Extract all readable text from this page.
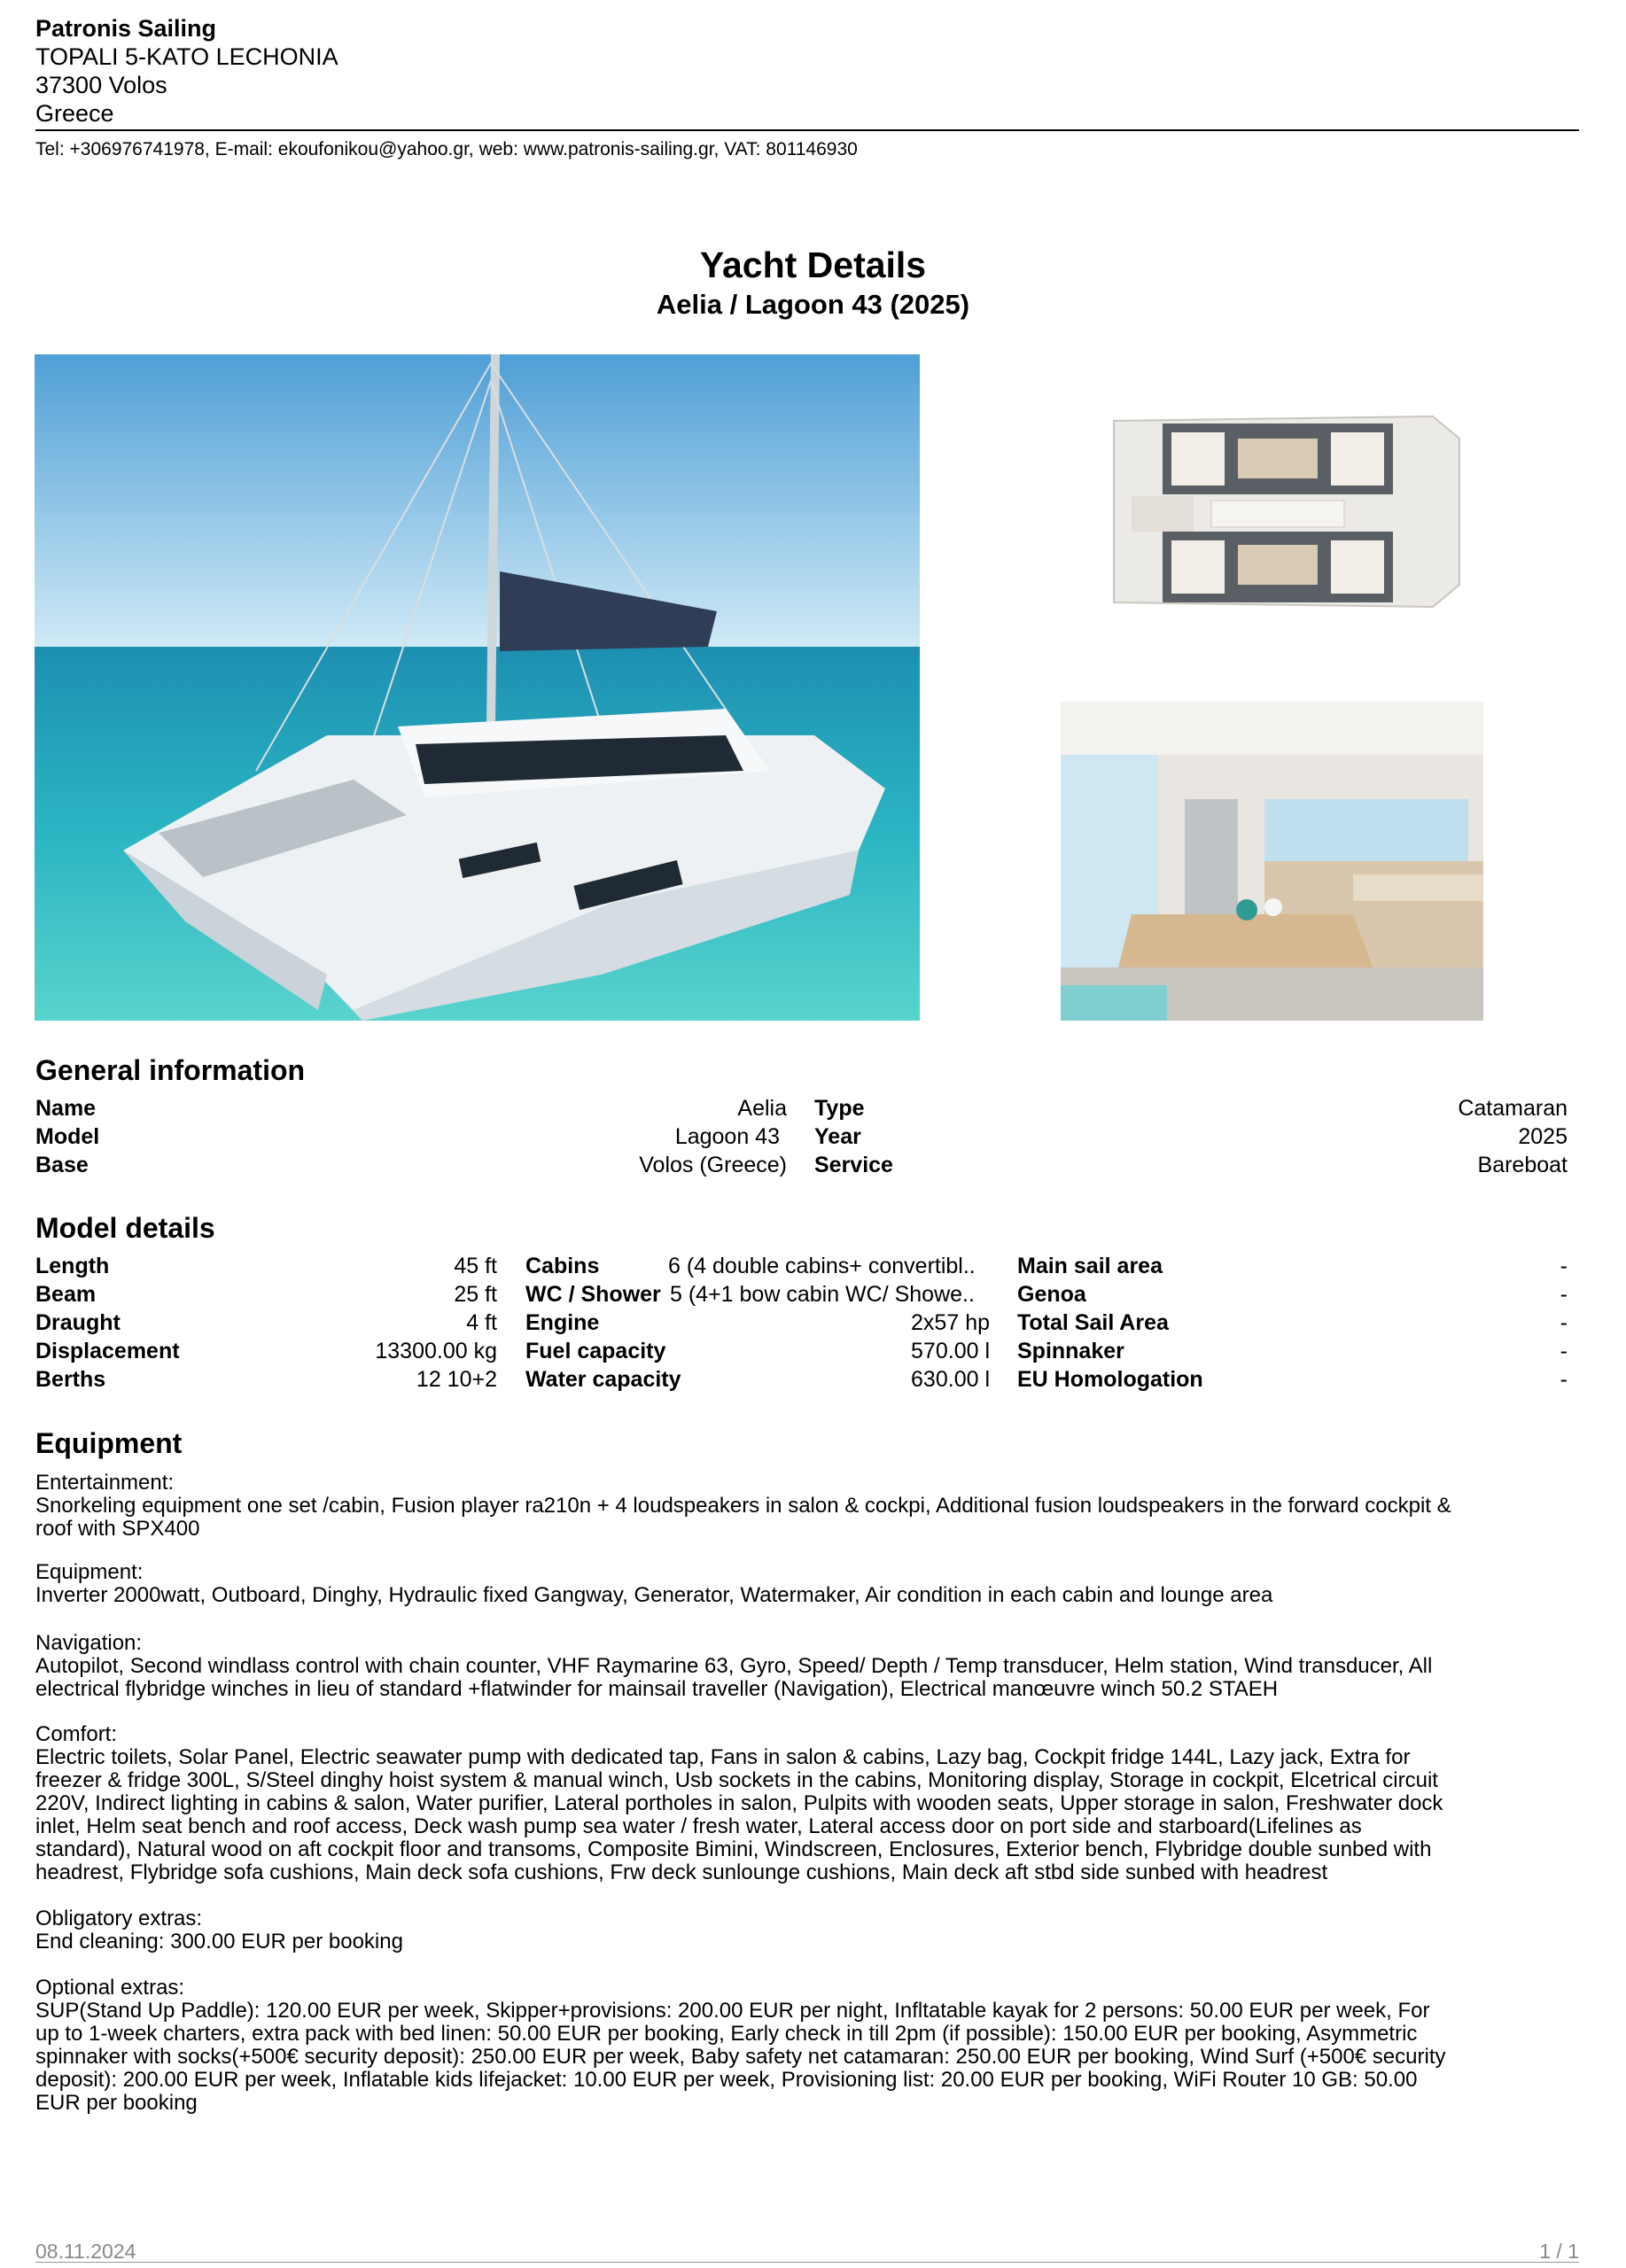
Patronis Sailing
TOPALI 5-KATO LECHONIA
37300 Volos
Greece
Tel: +306976741978, E-mail: ekoufonikou@yahoo.gr, web: www.patronis-sailing.gr, VAT: 801146930
Yacht Details
Aelia / Lagoon 43 (2025)
General information
Name	Aelia Type	Catamaran
Model	Lagoon 43 Year	2025
Base	Volos (Greece) Service	Bareboat
Model details
Length	45 ft Cabins	6 (4 double cabins+ convertibl.. Main sail area	-
Beam	25 ft WC / Shower 5 (4+1 bow cabin WC/ Showe.. Genoa	-
Draught	4 ft Engine	2x57 hp Total Sail Area	-
Displacement	13300.00 kg Fuel capacity	570.00 l Spinnaker	-
Berths	12 10+2 Water capacity	630.00 l EU Homologation	-
Equipment
Entertainment:
Snorkeling equipment one set /cabin, Fusion player ra210n + 4 loudspeakers in salon & cockpi, Additional fusion loudspeakers in the forward cockpit &
roof with SPX400
Equipment:
Inverter 2000watt, Outboard, Dinghy, Hydraulic fixed Gangway, Generator, Watermaker, Air condition in each cabin and lounge area
Navigation:
Autopilot, Second windlass control with chain counter, VHF Raymarine 63, Gyro, Speed/ Depth / Temp transducer, Helm station, Wind transducer, All
electrical flybridge winches in lieu of standard +flatwinder for mainsail traveller (Navigation), Electrical manœuvre winch 50.2 STAEH
Comfort:
Electric toilets, Solar Panel, Electric seawater pump with dedicated tap, Fans in salon & cabins, Lazy bag, Cockpit fridge 144L, Lazy jack, Extra for
freezer & fridge 300L, S/Steel dinghy hoist system & manual winch, Usb sockets in the cabins, Monitoring display, Storage in cockpit, Elcetrical circuit
220V, Indirect lighting in cabins & salon, Water purifier, Lateral portholes in salon, Pulpits with wooden seats, Upper storage in salon, Freshwater dock
inlet, Helm seat bench and roof access, Deck wash pump sea water / fresh water, Lateral access door on port side and starboard(Lifelines as
standard), Natural wood on aft cockpit floor and transoms, Composite Bimini, Windscreen, Enclosures, Exterior bench, Flybridge double sunbed with
headrest, Flybridge sofa cushions, Main deck sofa cushions, Frw deck sunlounge cushions, Main deck aft stbd side sunbed with headrest
Obligatory extras:
End cleaning: 300.00 EUR per booking
Optional extras:
SUP(Stand Up Paddle): 120.00 EUR per week, Skipper+provisions: 200.00 EUR per night, Infltatable kayak for 2 persons: 50.00 EUR per week, For
up to 1-week charters, extra pack with bed linen: 50.00 EUR per booking, Early check in till 2pm (if possible): 150.00 EUR per booking, Asymmetric
spinnaker with socks(+500€ security deposit): 250.00 EUR per week, Baby safety net catamaran: 250.00 EUR per booking, Wind Surf (+500€ security
deposit): 200.00 EUR per week, Inflatable kids lifejacket: 10.00 EUR per week, Provisioning list: 20.00 EUR per booking, WiFi Router 10 GB: 50.00
EUR per booking
08.11.2024	1 / 1
